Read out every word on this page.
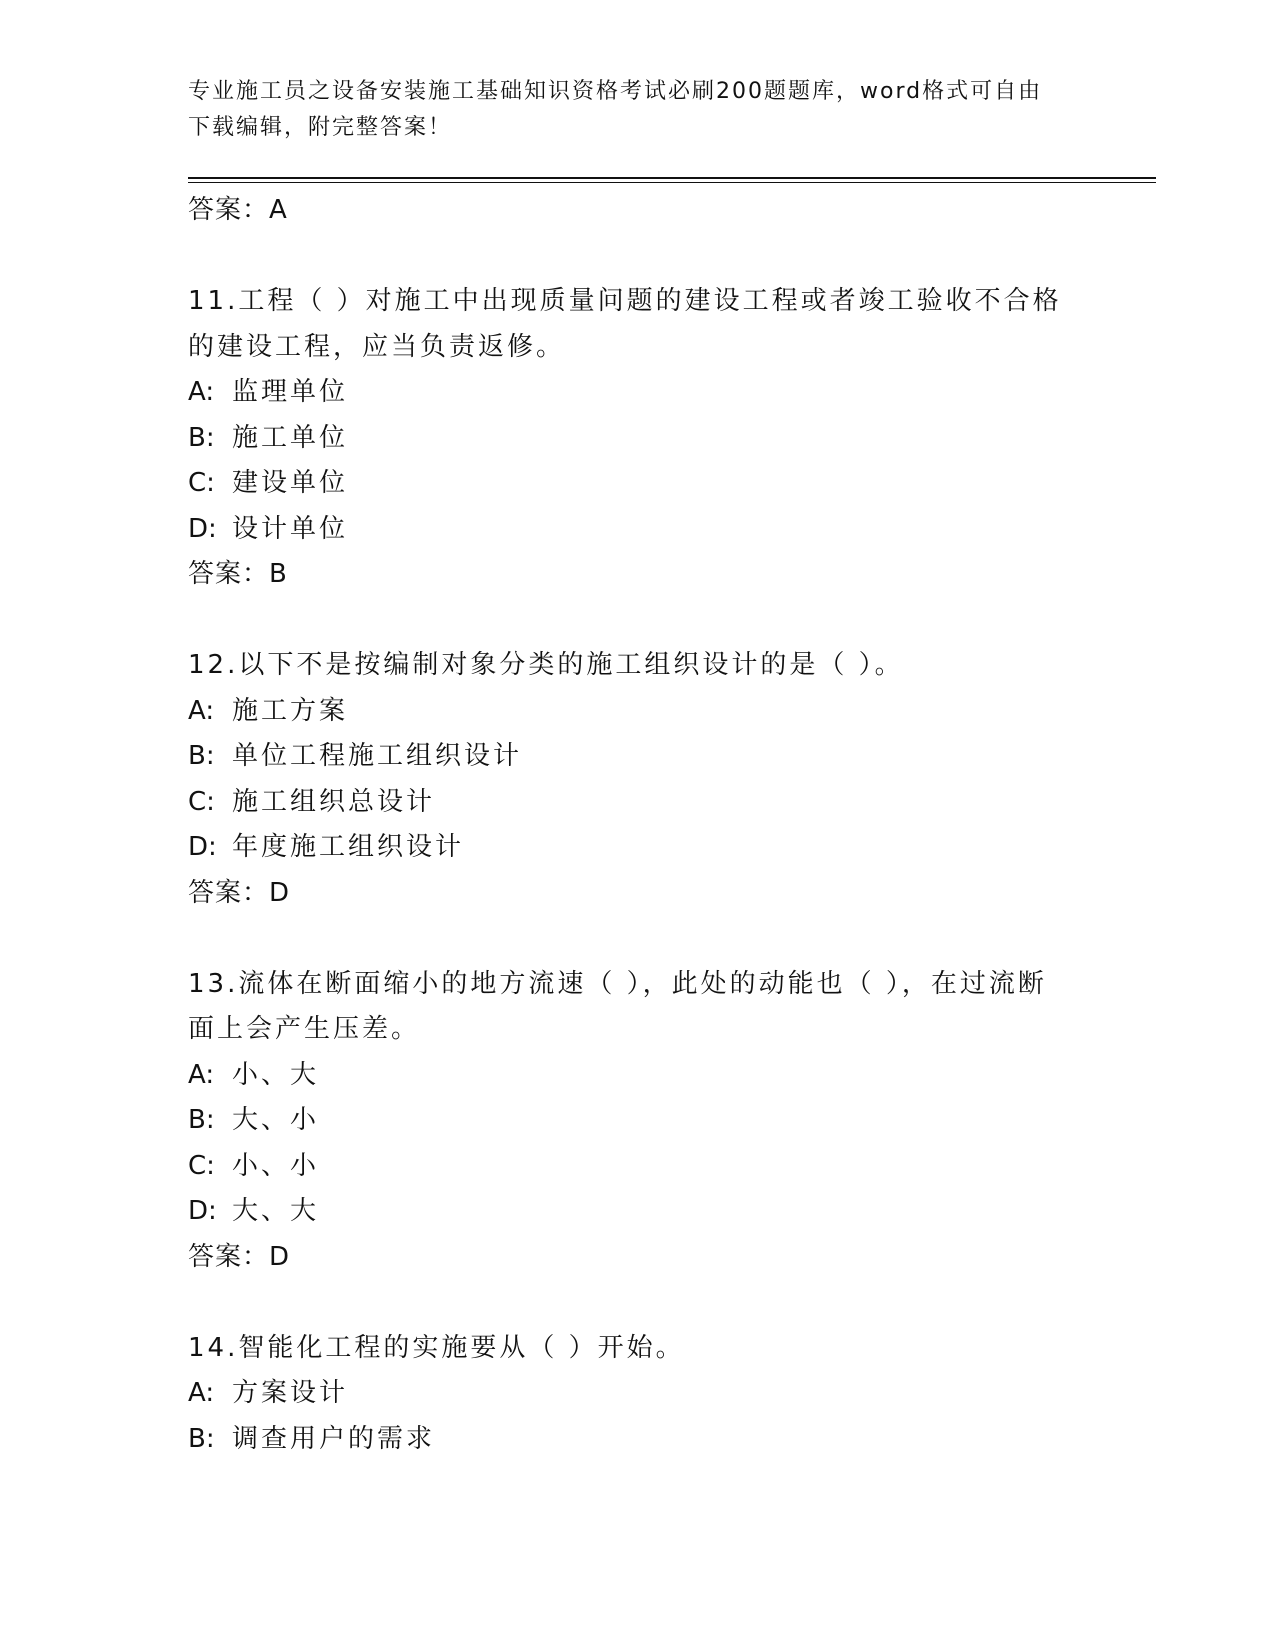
专业施工员之设备安装施工基础知识资格考试必刷200题题库，word格式可自由
下载编辑，附完整答案！
答案：A
11.工程（ ）对施工中出现质量问题的建设工程或者竣工验收不合格
的建设工程，应当负责返修。
A: 监理单位
B: 施工单位
C: 建设单位
D: 设计单位
答案：B
12.以下不是按编制对象分类的施工组织设计的是（ ）。
A: 施工方案
B: 单位工程施工组织设计
C: 施工组织总设计
D: 年度施工组织设计
答案：D
13.流体在断面缩小的地方流速（ ），此处的动能也（ ），在过流断
面上会产生压差。
A: 小、大
B: 大、小
C: 小、小
D: 大、大
答案：D
14.智能化工程的实施要从（ ）开始。
A: 方案设计
B: 调查用户的需求
